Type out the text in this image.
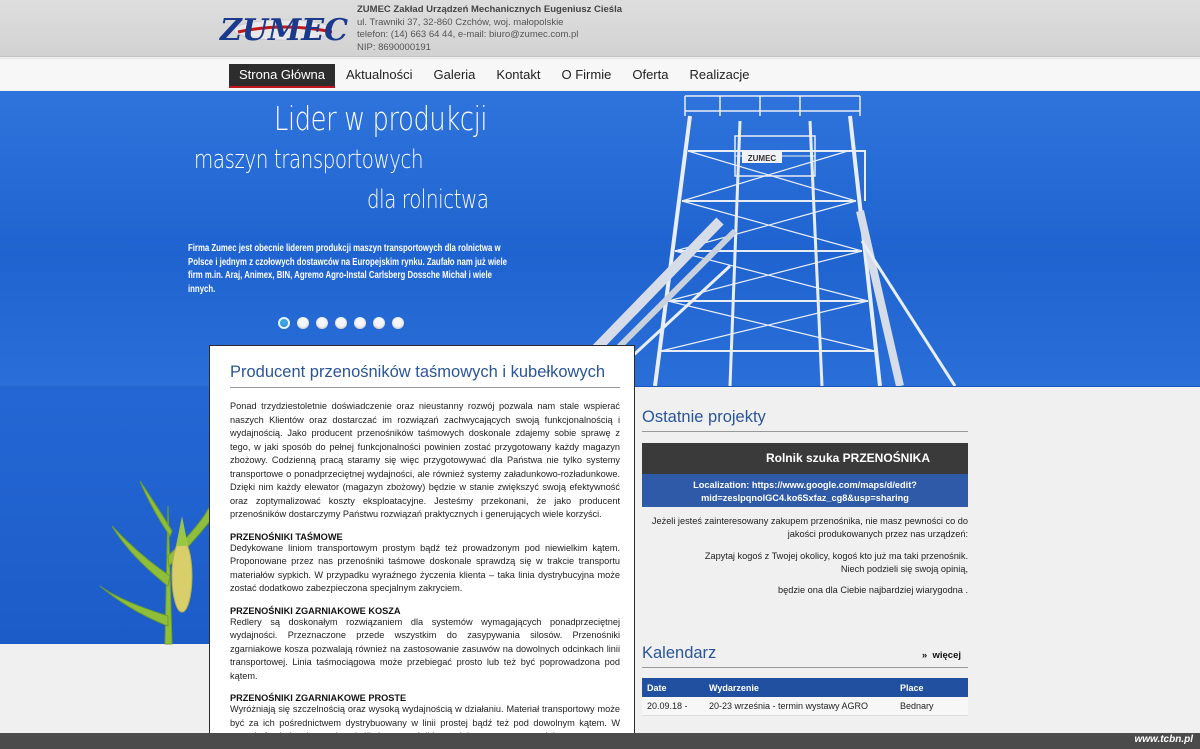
ZUMEC
ZUMEC Zakład Urządzeń Mechanicznych Eugeniusz Cieśla
ul. Trawniki 37, 32-860 Czchów, woj. małopolskie
telefon: (14) 663 64 44, e-mail: biuro@zumec.com.pl
NIP: 8690000191
Strona Główna	Aktualności	Galeria	Kontakt	O Firmie	Oferta	Realizacje
ZUMEC
Lider w produkcji
maszyn transportowych
dla rolnictwa
Firma Zumec jest obecnie liderem produkcji maszyn transportowych dla rolnictwa w Polsce i jednym z czołowych dostawców na Europejskim rynku. Zaufało nam już wiele firm m.in. Araj, Animex, BIN, Agremo Agro-Instal Carlsberg Dossche Michał i wiele innych.
Producent przenośników taśmowych i kubełkowych

Ponad trzydziestoletnie doświadczenie oraz nieustanny rozwój pozwala nam stale wspierać naszych Klientów oraz dostarczać im rozwiązań zachwycających swoją funkcjonalnością i wydajnością. Jako producent przenośników taśmowych doskonale zdajemy sobie sprawę z tego, w jaki sposób do pełnej funkcjonalności powinien zostać przygotowany każdy magazyn zbożowy. Codzienną pracą staramy się więc przygotowywać dla Państwa nie tylko systemy transportowe o ponadprzeciętnej wydajności, ale również systemy załadunkowo-rozładunkowe. Dzięki nim każdy elewator (magazyn zbożowy) będzie w stanie zwiększyć swoją efektywność oraz zoptymalizować koszty eksploatacyjne. Jesteśmy przekonani, że jako producent przenośników dostarczymy Państwu rozwiązań praktycznych i generujących wiele korzyści.

PRZENOŚNIKI TAŚMOWE

Dedykowane liniom transportowym prostym bądź też prowadzonym pod niewielkim kątem. Proponowane przez nas przenośniki taśmowe doskonale sprawdzą się w trakcie transportu materiałów sypkich. W przypadku wyraźnego życzenia klienta – taka linia dystrybucyjna może zostać dodatkowo zabezpieczona specjalnym zakryciem.

PRZENOŚNIKI ZGARNIAKOWE KOSZA

Redlery są doskonałym rozwiązaniem dla systemów wymagających ponadprzeciętnej wydajności. Przeznaczone przede wszystkim do zasypywania silosów. Przenośniki zgarniakowe kosza pozwalają również na zastosowanie zasuwów na dowolnych odcinkach linii transportowej. Linia taśmociągowa może przebiegać prosto lub też być poprowadzona pod kątem.

PRZENOŚNIKI ZGARNIAKOWE PROSTE

Wyróżniają się szczelnością oraz wysoką wydajnością w działaniu. Materiał transportowy może być za ich pośrednictwem dystrybuowany w linii prostej bądź też pod dowolnym kątem. W

Ostatnie projekty
Rolnik szuka PRZENOŚNIKA
Localization: https://www.google.com/maps/d/edit?
mid=zeslpqnolGC4.ko6Sxfaz_cg8&usp=sharing

Jeżeli jesteś zainteresowany zakupem przenośnika, nie masz pewności co do jakości produkowanych przez nas urządzeń:

Zapytaj kogoś z Twojej okolicy, kogoś kto już ma taki przenośnik.

Niech podzieli się swoją opinią,

będzie ona dla Ciebie najbardziej wiarygodna .

» więcej
Kalendarz
Date	Wydarzenie	Place
20.09.18 -	20-23 września - termin wystawy AGRO	Bednary
www.tcbn.pl
